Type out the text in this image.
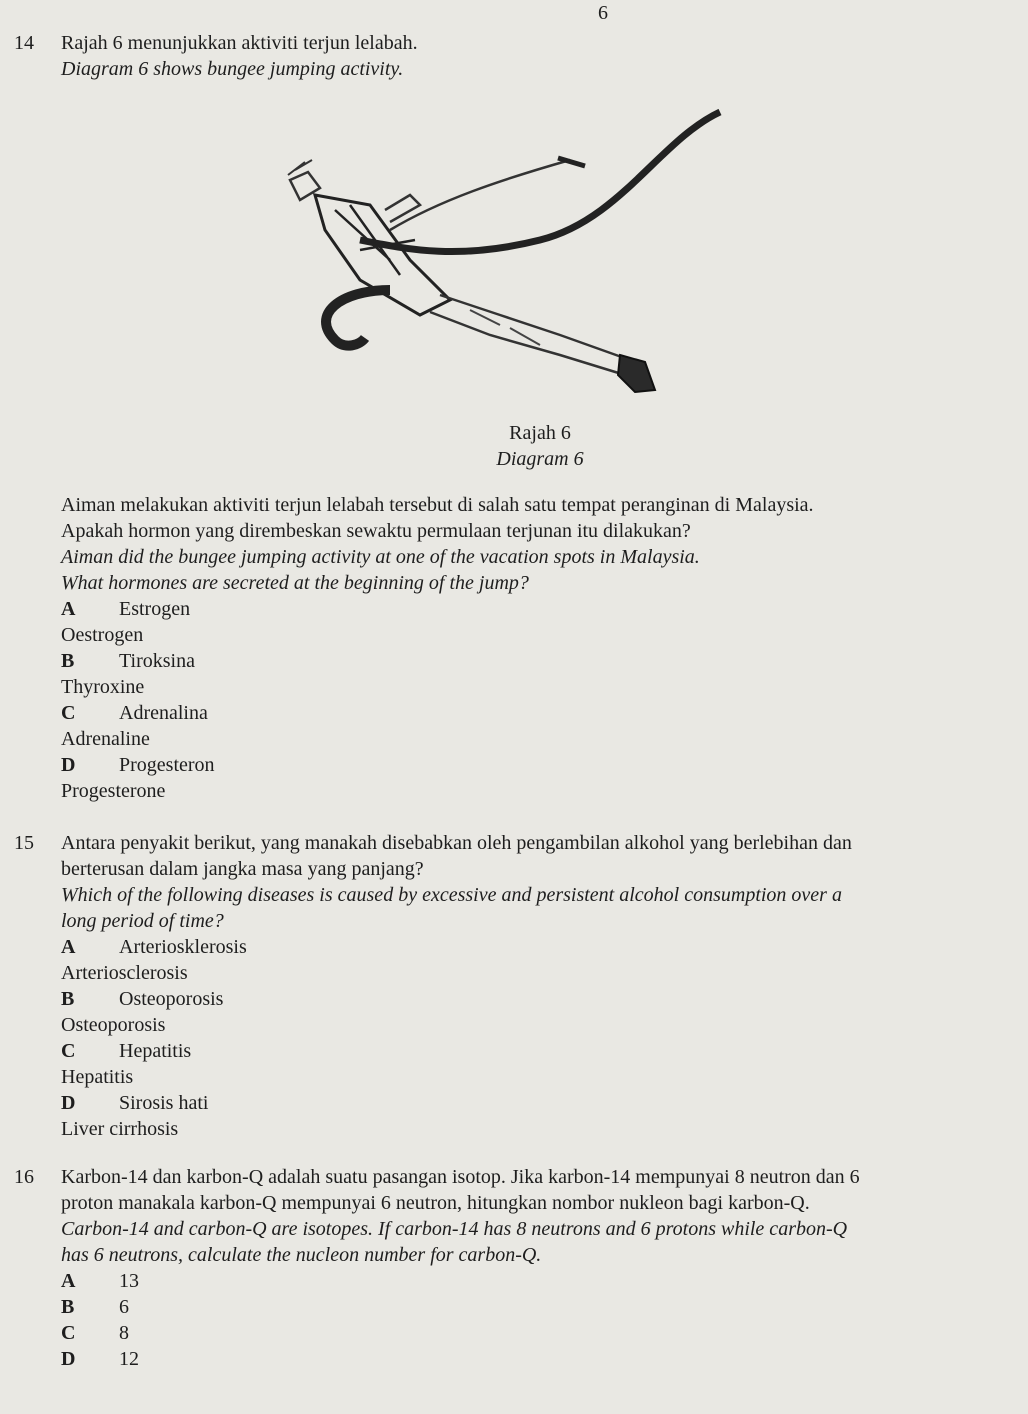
6
14	Rajah 6 menunjukkan aktiviti terjun lelabah.
Diagram 6 shows bungee jumping activity.
Rajah 6
Diagram 6
Aiman melakukan aktiviti terjun lelabah tersebut di salah satu tempat peranginan di Malaysia.
Apakah hormon yang dirembeskan sewaktu permulaan terjunan itu dilakukan?
Aiman did the bungee jumping activity at one of the vacation spots in Malaysia.
What hormones are secreted at the beginning of the jump?
A	Estrogen
Oestrogen
B	Tiroksina
Thyroxine
C	Adrenalina
Adrenaline
D	Progesteron
Progesterone
15	Antara penyakit berikut, yang manakah disebabkan oleh pengambilan alkohol yang berlebihan dan
berterusan dalam jangka masa yang panjang?
Which of the following diseases is caused by excessive and persistent alcohol consumption over a
long period of time?
A	Arteriosklerosis
Arteriosclerosis
B	Osteoporosis
Osteoporosis
C	Hepatitis
Hepatitis
D	Sirosis hati
Liver cirrhosis
16	Karbon-14 dan karbon-Q adalah suatu pasangan isotop. Jika karbon-14 mempunyai 8 neutron dan 6
proton manakala karbon-Q mempunyai 6 neutron, hitungkan nombor nukleon bagi karbon-Q.
Carbon-14 and carbon-Q are isotopes. If carbon-14 has 8 neutrons and 6 protons while carbon-Q
has 6 neutrons, calculate the nucleon number for carbon-Q.
A	13
B	6
C	8
D	12
